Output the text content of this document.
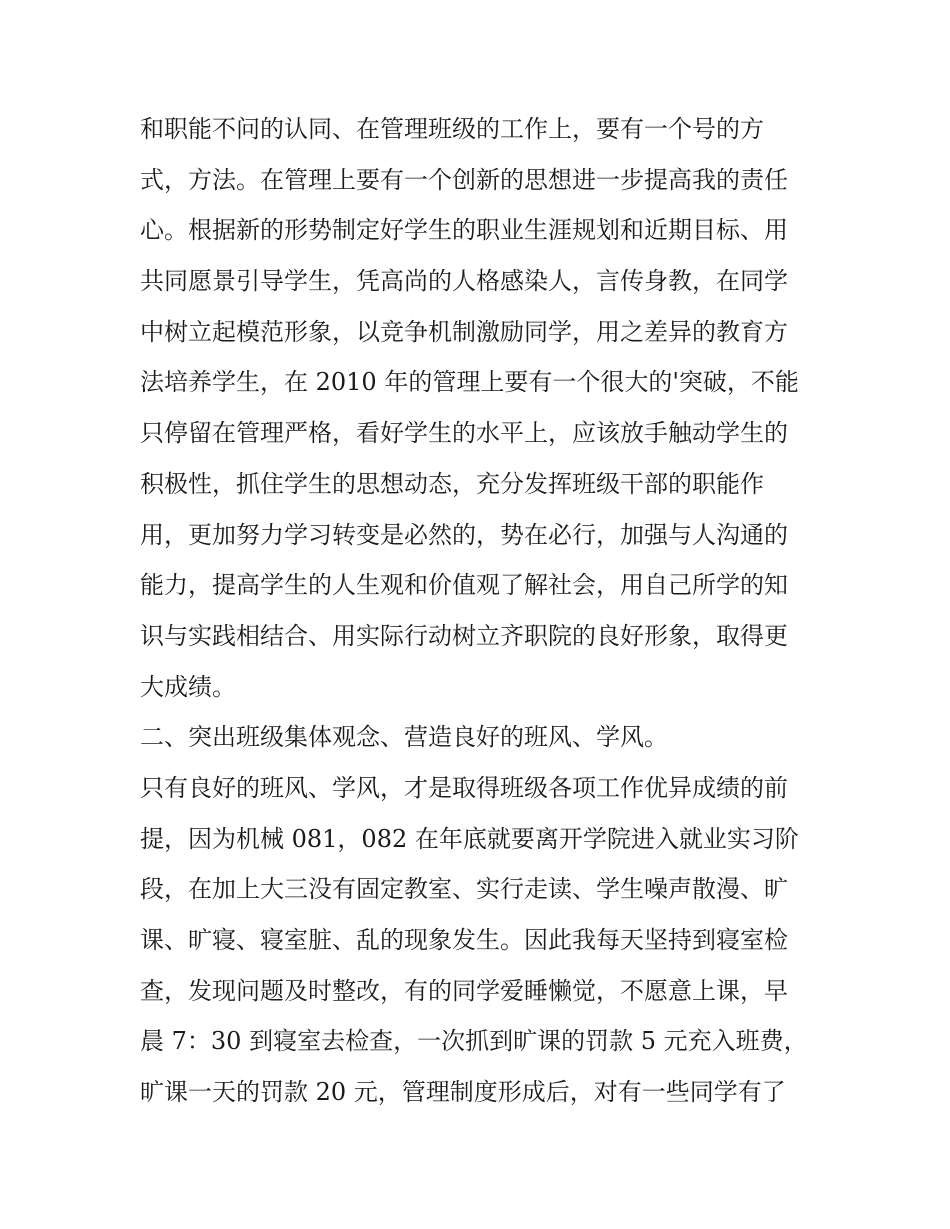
和职能不问的认同、在管理班级的工作上，要有一个号的方
式，方法。在管理上要有一个创新的思想进一步提高我的责任
心。根据新的形势制定好学生的职业生涯规划和近期目标、用
共同愿景引导学生，凭高尚的人格感染人，言传身教，在同学
中树立起模范形象，以竞争机制激励同学，用之差异的教育方
法培养学生，在 2010 年的管理上要有一个很大的'突破，不能
只停留在管理严格，看好学生的水平上，应该放手触动学生的
积极性，抓住学生的思想动态，充分发挥班级干部的职能作
用，更加努力学习转变是必然的，势在必行，加强与人沟通的
能力，提高学生的人生观和价值观了解社会，用自己所学的知
识与实践相结合、用实际行动树立齐职院的良好形象，取得更
大成绩。
二、突出班级集体观念、营造良好的班风、学风。
只有良好的班风、学风，才是取得班级各项工作优异成绩的前
提，因为机械 081，082 在年底就要离开学院进入就业实习阶
段，在加上大三没有固定教室、实行走读、学生噪声散漫、旷
课、旷寝、寝室脏、乱的现象发生。因此我每天坚持到寝室检
查，发现问题及时整改，有的同学爱睡懒觉，不愿意上课，早
晨 7：30 到寝室去检查，一次抓到旷课的罚款 5 元充入班费，
旷课一天的罚款 20 元，管理制度形成后，对有一些同学有了
